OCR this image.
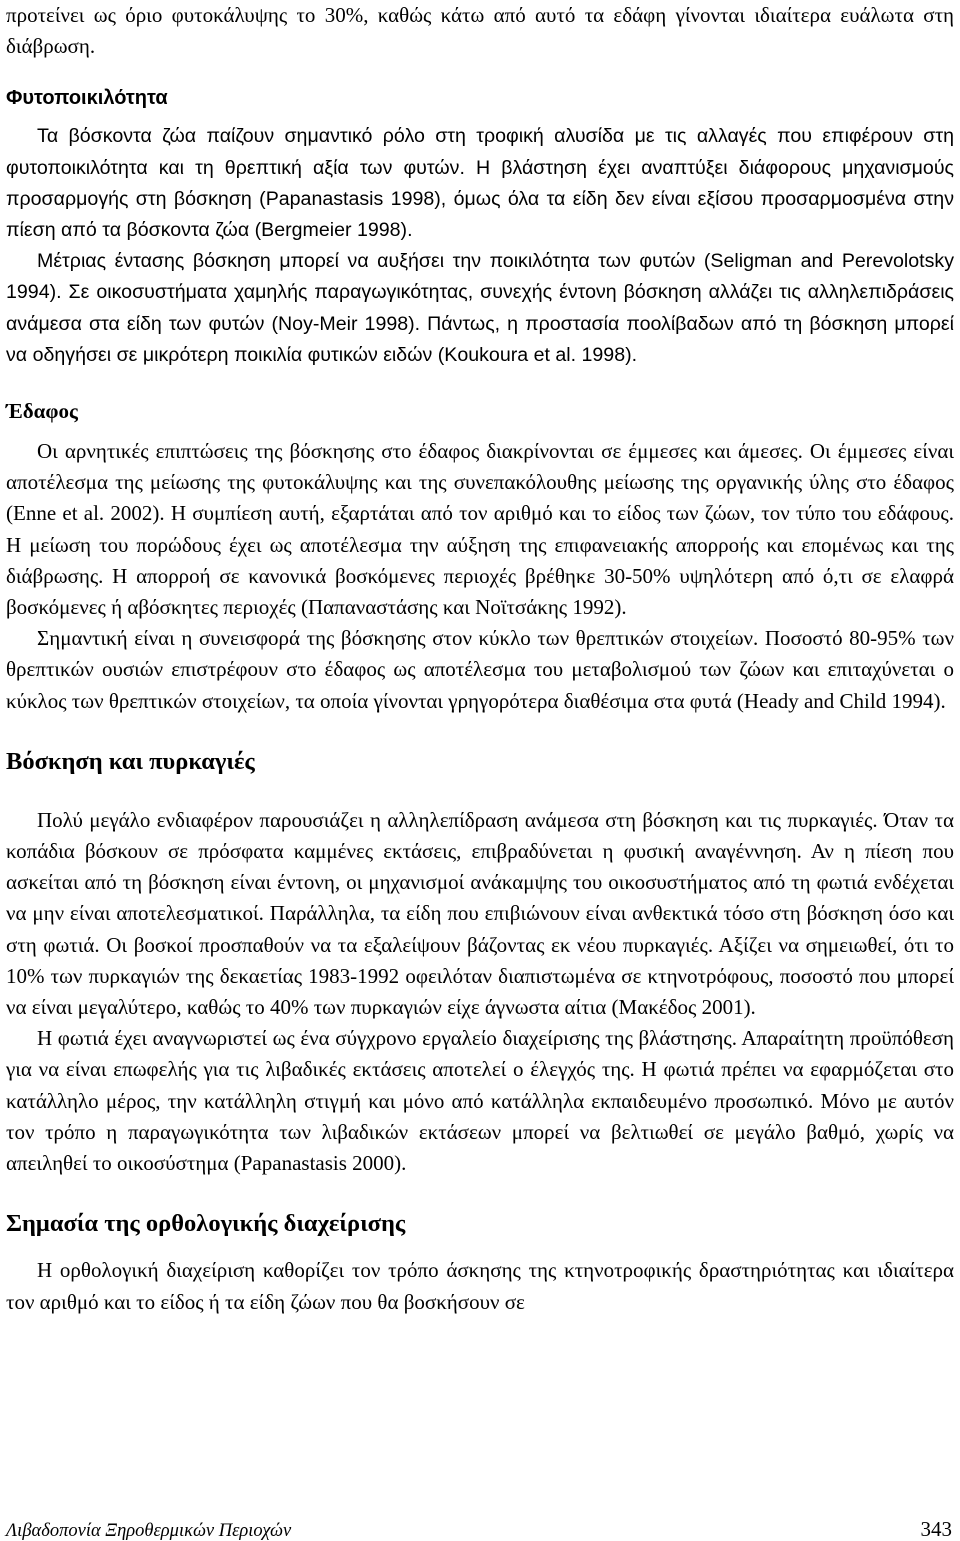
προτείνει ως όριο φυτοκάλυψης το 30%, καθώς κάτω από αυτό τα εδάφη γίνονται ιδιαίτερα ευάλωτα στη διάβρωση.

Φυτοποικιλότητα

Τα βόσκοντα ζώα παίζουν σημαντικό ρόλο στη τροφική αλυσίδα με τις αλλαγές που επιφέρουν στη φυτοποικιλότητα και τη θρεπτική αξία των φυτών. Η βλάστηση έχει αναπτύξει διάφορους μηχανισμούς προσαρμογής στη βόσκηση (Papanastasis 1998), όμως όλα τα είδη δεν είναι εξίσου προσαρμοσμένα στην πίεση από τα βόσκοντα ζώα (Bergmeier 1998).

Μέτριας έντασης βόσκηση μπορεί να αυξήσει την ποικιλότητα των φυτών (Seligman and Perevolotsky 1994). Σε οικοσυστήματα χαμηλής παραγωγικότητας, συνεχής έντονη βόσκηση αλλάζει τις αλληλεπιδράσεις ανάμεσα στα είδη των φυτών (Noy-Meir 1998). Πάντως, η προστασία ποολίβαδων από τη βόσκηση μπορεί να οδηγήσει σε μικρότερη ποικιλία φυτικών ειδών (Koukoura et al. 1998).

Έδαφος

Οι αρνητικές επιπτώσεις της βόσκησης στο έδαφος διακρίνονται σε έμμεσες και άμεσες. Οι έμμεσες είναι αποτέλεσμα της μείωσης της φυτοκάλυψης και της συνεπακόλουθης μείωσης της οργανικής ύλης στο έδαφος (Enne et al. 2002). Η συμπίεση αυτή, εξαρτάται από τον αριθμό και το είδος των ζώων, τον τύπο του εδάφους. Η μείωση του πορώδους έχει ως αποτέλεσμα την αύξηση της επιφανειακής απορροής και επομένως και της διάβρωσης. Η απορροή σε κανονικά βοσκόμενες περιοχές βρέθηκε 30-50% υψηλότερη από ό,τι σε ελαφρά βοσκόμενες ή αβόσκητες περιοχές (Παπαναστάσης και Νοϊτσάκης 1992).

Σημαντική είναι η συνεισφορά της βόσκησης στον κύκλο των θρεπτικών στοιχείων. Ποσοστό 80-95% των θρεπτικών ουσιών επιστρέφουν στο έδαφος ως αποτέλεσμα του μεταβολισμού των ζώων και επιταχύνεται ο κύκλος των θρεπτικών στοιχείων, τα οποία γίνονται γρηγορότερα διαθέσιμα στα φυτά (Heady and Child 1994).

Βόσκηση και πυρκαγιές

Πολύ μεγάλο ενδιαφέρον παρουσιάζει η αλληλεπίδραση ανάμεσα στη βόσκηση και τις πυρκαγιές. Όταν τα κοπάδια βόσκουν σε πρόσφατα καμμένες εκτάσεις, επιβραδύνεται η φυσική αναγέννηση. Αν η πίεση που ασκείται από τη βόσκηση είναι έντονη, οι μηχανισμοί ανάκαμψης του οικοσυστήματος από τη φωτιά ενδέχεται να μην είναι αποτελεσματικοί. Παράλληλα, τα είδη που επιβιώνουν είναι ανθεκτικά τόσο στη βόσκηση όσο και στη φωτιά. Οι βοσκοί προσπαθούν να τα εξαλείψουν βάζοντας εκ νέου πυρκαγιές. Αξίζει να σημειωθεί, ότι το 10% των πυρκαγιών της δεκαετίας 1983-1992 οφειλόταν διαπιστωμένα σε κτηνοτρόφους, ποσοστό που μπορεί να είναι μεγαλύτερο, καθώς το 40% των πυρκαγιών είχε άγνωστα αίτια (Μακέδος 2001).

Η φωτιά έχει αναγνωριστεί ως ένα σύγχρονο εργαλείο διαχείρισης της βλάστησης. Απαραίτητη προϋπόθεση για να είναι επωφελής για τις λιβαδικές εκτάσεις αποτελεί ο έλεγχός της. Η φωτιά πρέπει να εφαρμόζεται στο κατάλληλο μέρος, την κατάλληλη στιγμή και μόνο από κατάλληλα εκπαιδευμένο προσωπικό. Μόνο με αυτόν τον τρόπο η παραγωγικότητα των λιβαδικών εκτάσεων μπορεί να βελτιωθεί σε μεγάλο βαθμό, χωρίς να απειληθεί το οικοσύστημα (Papanastasis 2000).

Σημασία της ορθολογικής διαχείρισης

Η ορθολογική διαχείριση καθορίζει τον τρόπο άσκησης της κτηνοτροφικής δραστηριότητας και ιδιαίτερα τον αριθμό και το είδος ή τα είδη ζώων που θα βοσκήσουν σε

Λιβαδοπονία Ξηροθερμικών Περιοχών	343
